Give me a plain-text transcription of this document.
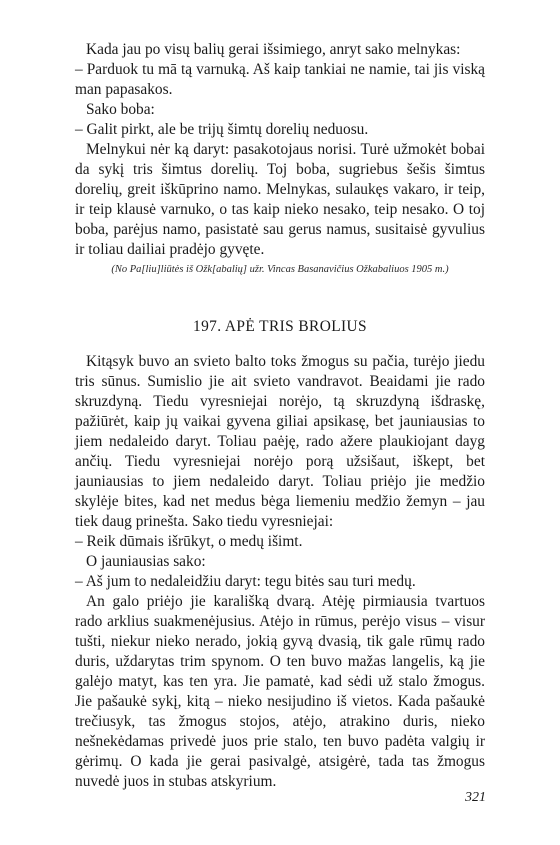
Kada jau po visų balių gerai išsimiego, anryt sako melnykas:

– Parduok tu mā tą varnuką. Aš kaip tankiai ne namie, tai jis viską man papasakos.

Sako boba:

– Galit pirkt, ale be trijų šimtų dorelių neduosu.

Melnykui nėr ką daryt: pasakotojaus norisi. Turė užmokėt bobai da sykį tris šimtus dorelių. Toj boba, sugriebus šešis šimtus dorelių, greit iškūprino namo. Melnykas, sulaukęs vakaro, ir teip, ir teip klausė varnuko, o tas kaip nieko nesako, teip nesako. O toj boba, parėjus namo, pasistatė sau gerus namus, susitaisė gyvulius ir toliau dailiai pradėjo gyvęte.

(No Pa[liu]liūtės iš Ožk[abalių] užr. Vincas Basanavičius Ožkabaliuos 1905 m.)
197. APĖ TRIS BROLIUS

Kitąsyk buvo an svieto balto toks žmogus su pačia, turėjo jiedu tris sūnus. Sumislio jie ait svieto vandravot. Beaidami jie rado skruzdyną. Tiedu vyresniejai norėjo, tą skruzdyną išdraskę, pažiūrėt, kaip jų vaikai gyvena giliai apsikasę, bet jauniausias to jiem nedaleido daryt. Toliau paėję, rado ažere plaukiojant dayg ančių. Tiedu vyresniejai norėjo porą užsišaut, iškept, bet jauniausias to jiem nedaleido daryt. Toliau priėjo jie medžio skylėje bites, kad net medus bėga liemeniu medžio žemyn – jau tiek daug prinešta. Sako tiedu vyresniejai:

– Reik dūmais išrūkyt, o medų išimt.

O jauniausias sako:

– Aš jum to nedaleidžiu daryt: tegu bitės sau turi medų.

An galo priėjo jie karališką dvarą. Atėję pirmiausia tvartuos rado arklius suakmenėjusius. Atėjo in rūmus, perėjo visus – visur tušti, niekur nieko nerado, jokią gyvą dvasią, tik gale rūmų rado duris, uždarytas trim spynom. O ten buvo mažas langelis, ką jie galėjo matyt, kas ten yra. Jie pamatė, kad sėdi už stalo žmogus. Jie pašaukė sykį, kitą – nieko nesijudino iš vietos. Kada pašaukė trečiusyk, tas žmogus stojos, atėjo, atrakino duris, nieko nešnekėdamas privedė juos prie stalo, ten buvo padėta valgių ir gėrimų. O kada jie gerai pasivalgė, atsigėrė, tada tas žmogus nuvedė juos in stubas atskyrium.

321
